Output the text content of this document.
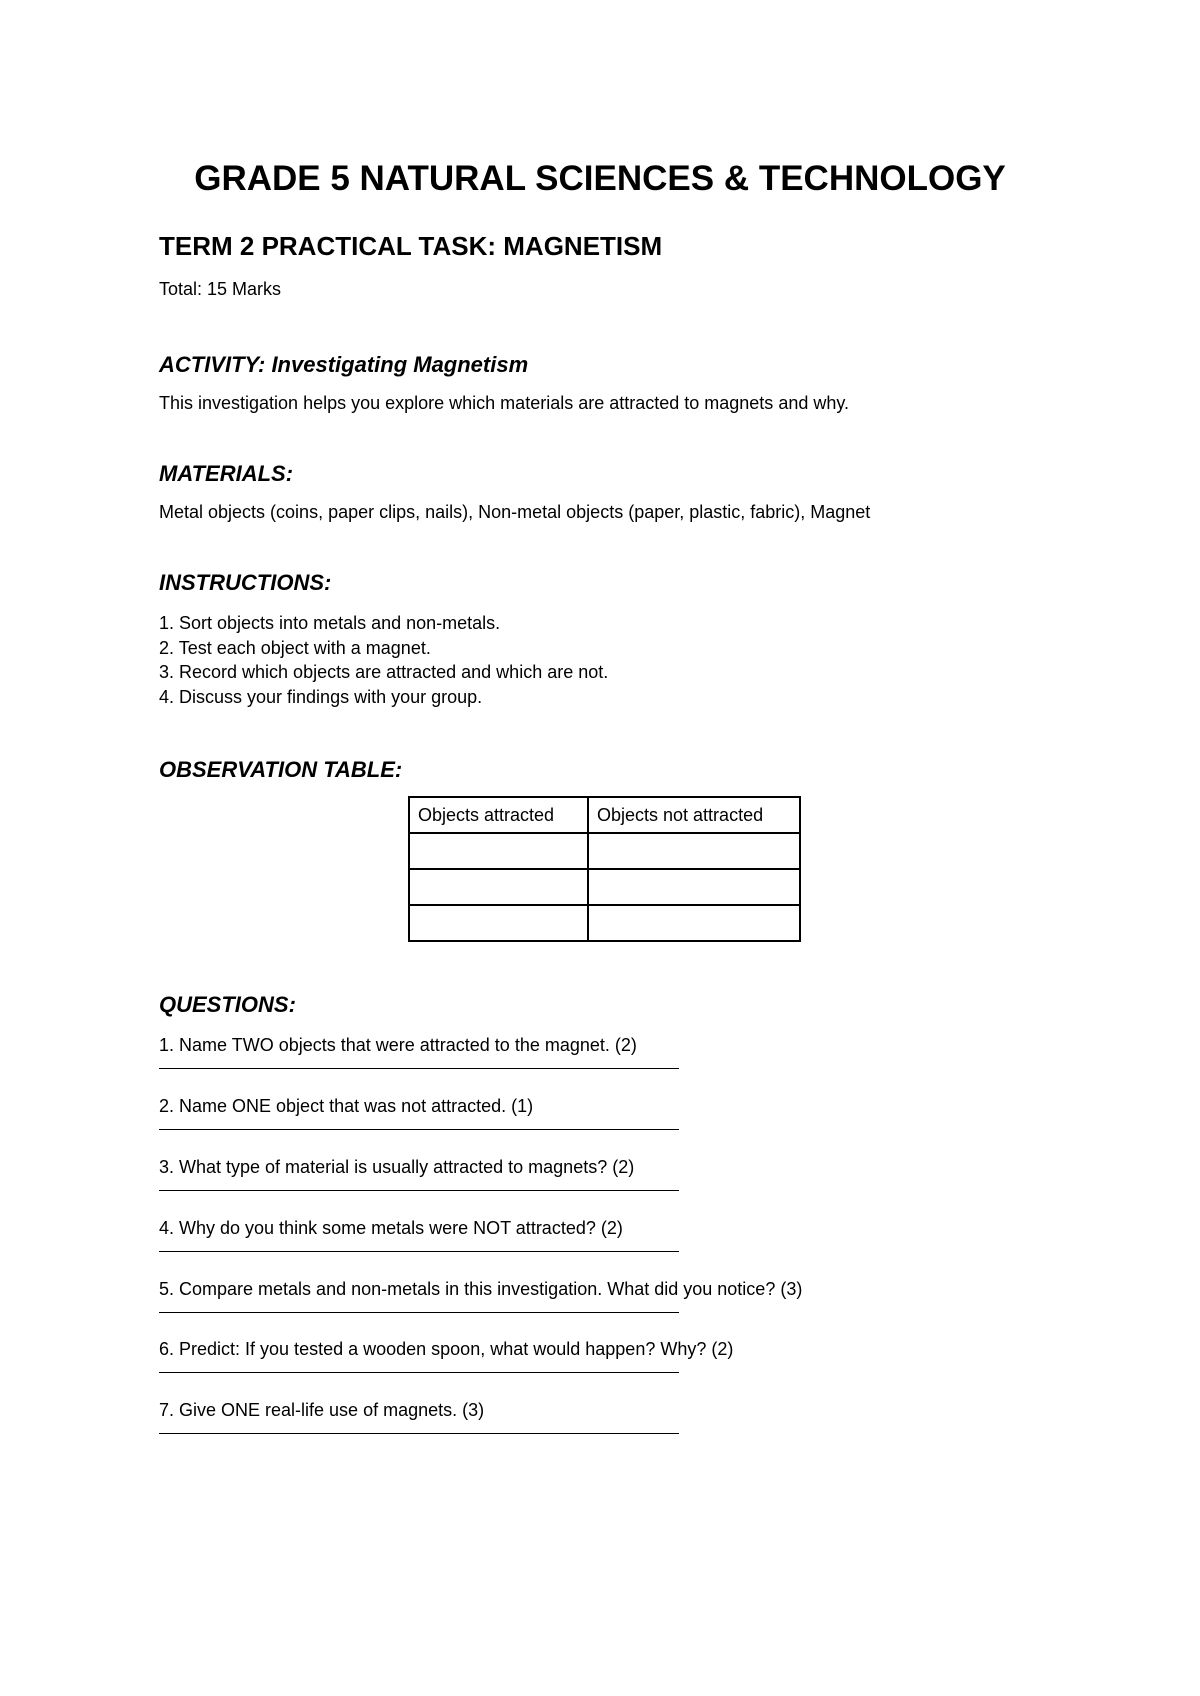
GRADE 5 NATURAL SCIENCES & TECHNOLOGY
TERM 2 PRACTICAL TASK: MAGNETISM

Total: 15 Marks

ACTIVITY: Investigating Magnetism

This investigation helps you explore which materials are attracted to magnets and why.

MATERIALS:

Metal objects (coins, paper clips, nails), Non-metal objects (paper, plastic, fabric), Magnet

INSTRUCTIONS:
1. Sort objects into metals and non-metals.
2. Test each object with a magnet.
3. Record which objects are attracted and which are not.
4. Discuss your findings with your group.
OBSERVATION TABLE:
Objects attracted	Objects not attracted

QUESTIONS:

1. Name TWO objects that were attracted to the magnet. (2)

2. Name ONE object that was not attracted. (1)

3. What type of material is usually attracted to magnets? (2)

4. Why do you think some metals were NOT attracted? (2)

5. Compare metals and non-metals in this investigation. What did you notice? (3)

6. Predict: If you tested a wooden spoon, what would happen? Why? (2)

7. Give ONE real-life use of magnets. (3)
